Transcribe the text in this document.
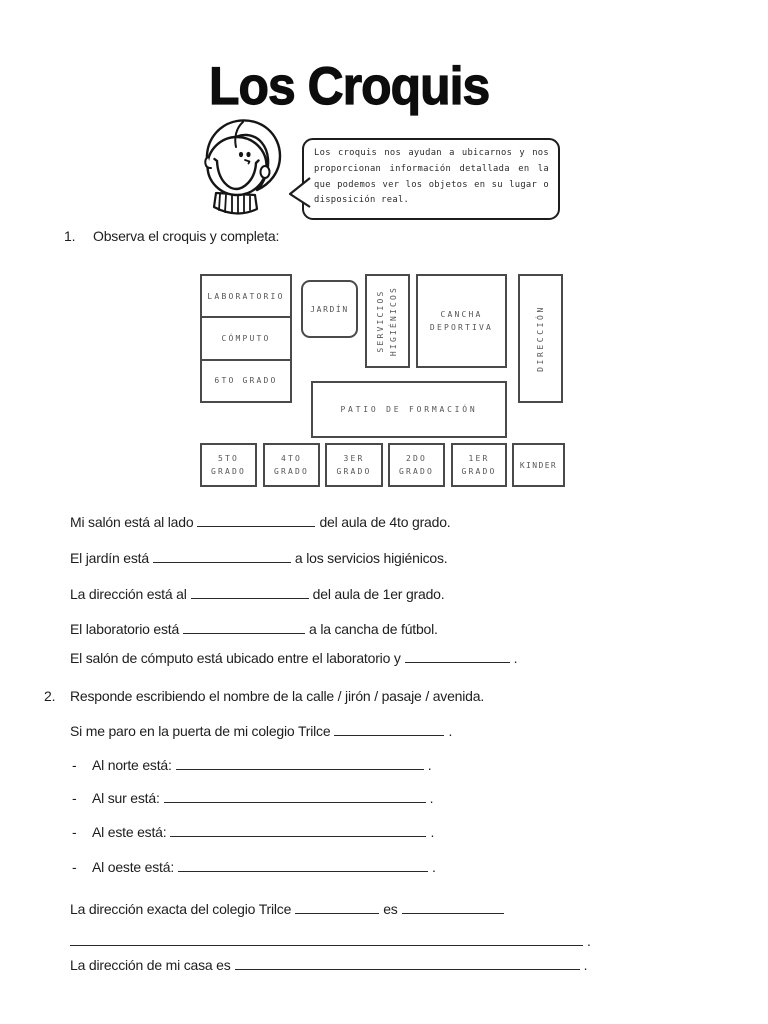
Los Croquis
Los croquis nos ayudan a ubicarnos y nos
proporcionan información detallada en la
que podemos ver los objetos en su lugar o
disposición real.
1. Observa el croquis y completa:
LABORATORIO
CÓMPUTO
6TO GRADO
JARDÍN	SERVICIOS HIGIÉNICOS	CANCHA
DEPORTIVA	DIRECCIÓN
PATIO DE FORMACIÓN
5TO
GRADO
4TO
GRADO
3ER
GRADO
2DO
GRADO
1ER
GRADO
KINDER
Mi salón está al lado	del aula de 4to grado.
El jardín está	a los servicios higiénicos.
La dirección está al	del aula de 1er grado.
El laboratorio está	a la cancha de fútbol.
El salón de cómputo está ubicado entre el laboratorio y	.
2. Responde escribiendo el nombre de la calle / jirón / pasaje / avenida.
Si me paro en la puerta de mi colegio Trilce	.
- Al norte está:	.
- Al sur está:	.
- Al este está:	.
- Al oeste está:	.
La dirección exacta del colegio Trilce	es
.
La dirección de mi casa es	.
